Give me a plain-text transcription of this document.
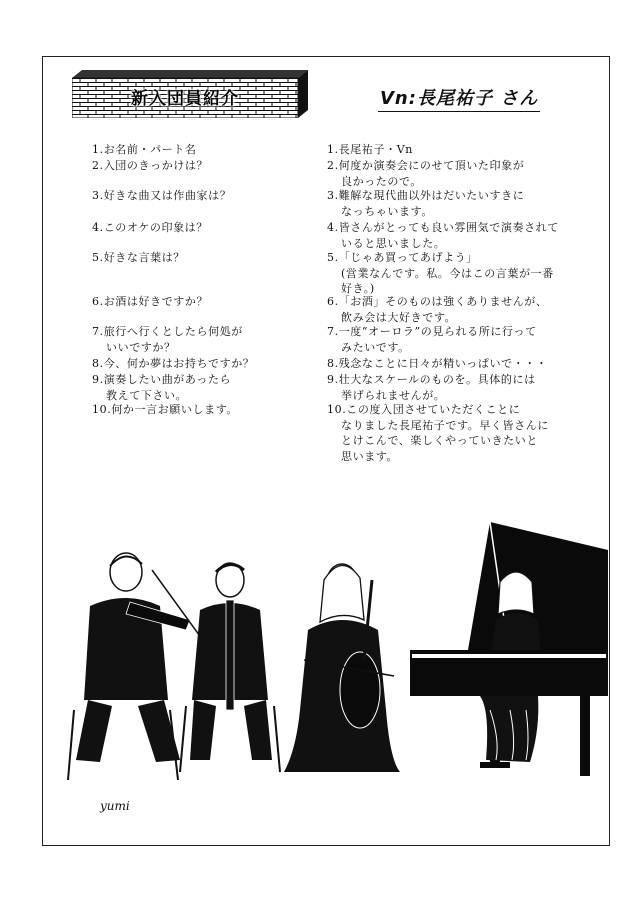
新入団員紹介	Vn:長尾祐子 さん
1.お名前・パート名
2.入団のきっかけは？
3.好きな曲又は作曲家は？
4.このオケの印象は？
5.好きな言葉は？
6.お酒は好きですか？
7.旅行へ行くとしたら何処が
いいですか？
8.今、何か夢はお持ちですか？
9.演奏したい曲があったら
教えて下さい。
10.何か一言お願いします。
1.長尾祐子・Vn
2.何度か演奏会にのせて頂いた印象が
良かったので。
3.難解な現代曲以外はだいたいすきに
なっちゃいます。
4.皆さんがとっても良い雰囲気で演奏されて
いると思いました。
5.「じゃあ買ってあげよう」
(営業なんです。私。今はこの言葉が一番
好き。)
6.「お酒」そのものは強くありませんが、
飲み会は大好きです。
7.一度“オーロラ”の見られる所に行って
みたいです。
8.残念なことに日々が精いっぱいで・・・
9.壮大なスケールのものを。具体的には
挙げられませんが。
10.この度入団させていただくことに
なりました長尾祐子です。早く皆さんに
とけこんで、楽しくやっていきたいと
思います。
yumi
